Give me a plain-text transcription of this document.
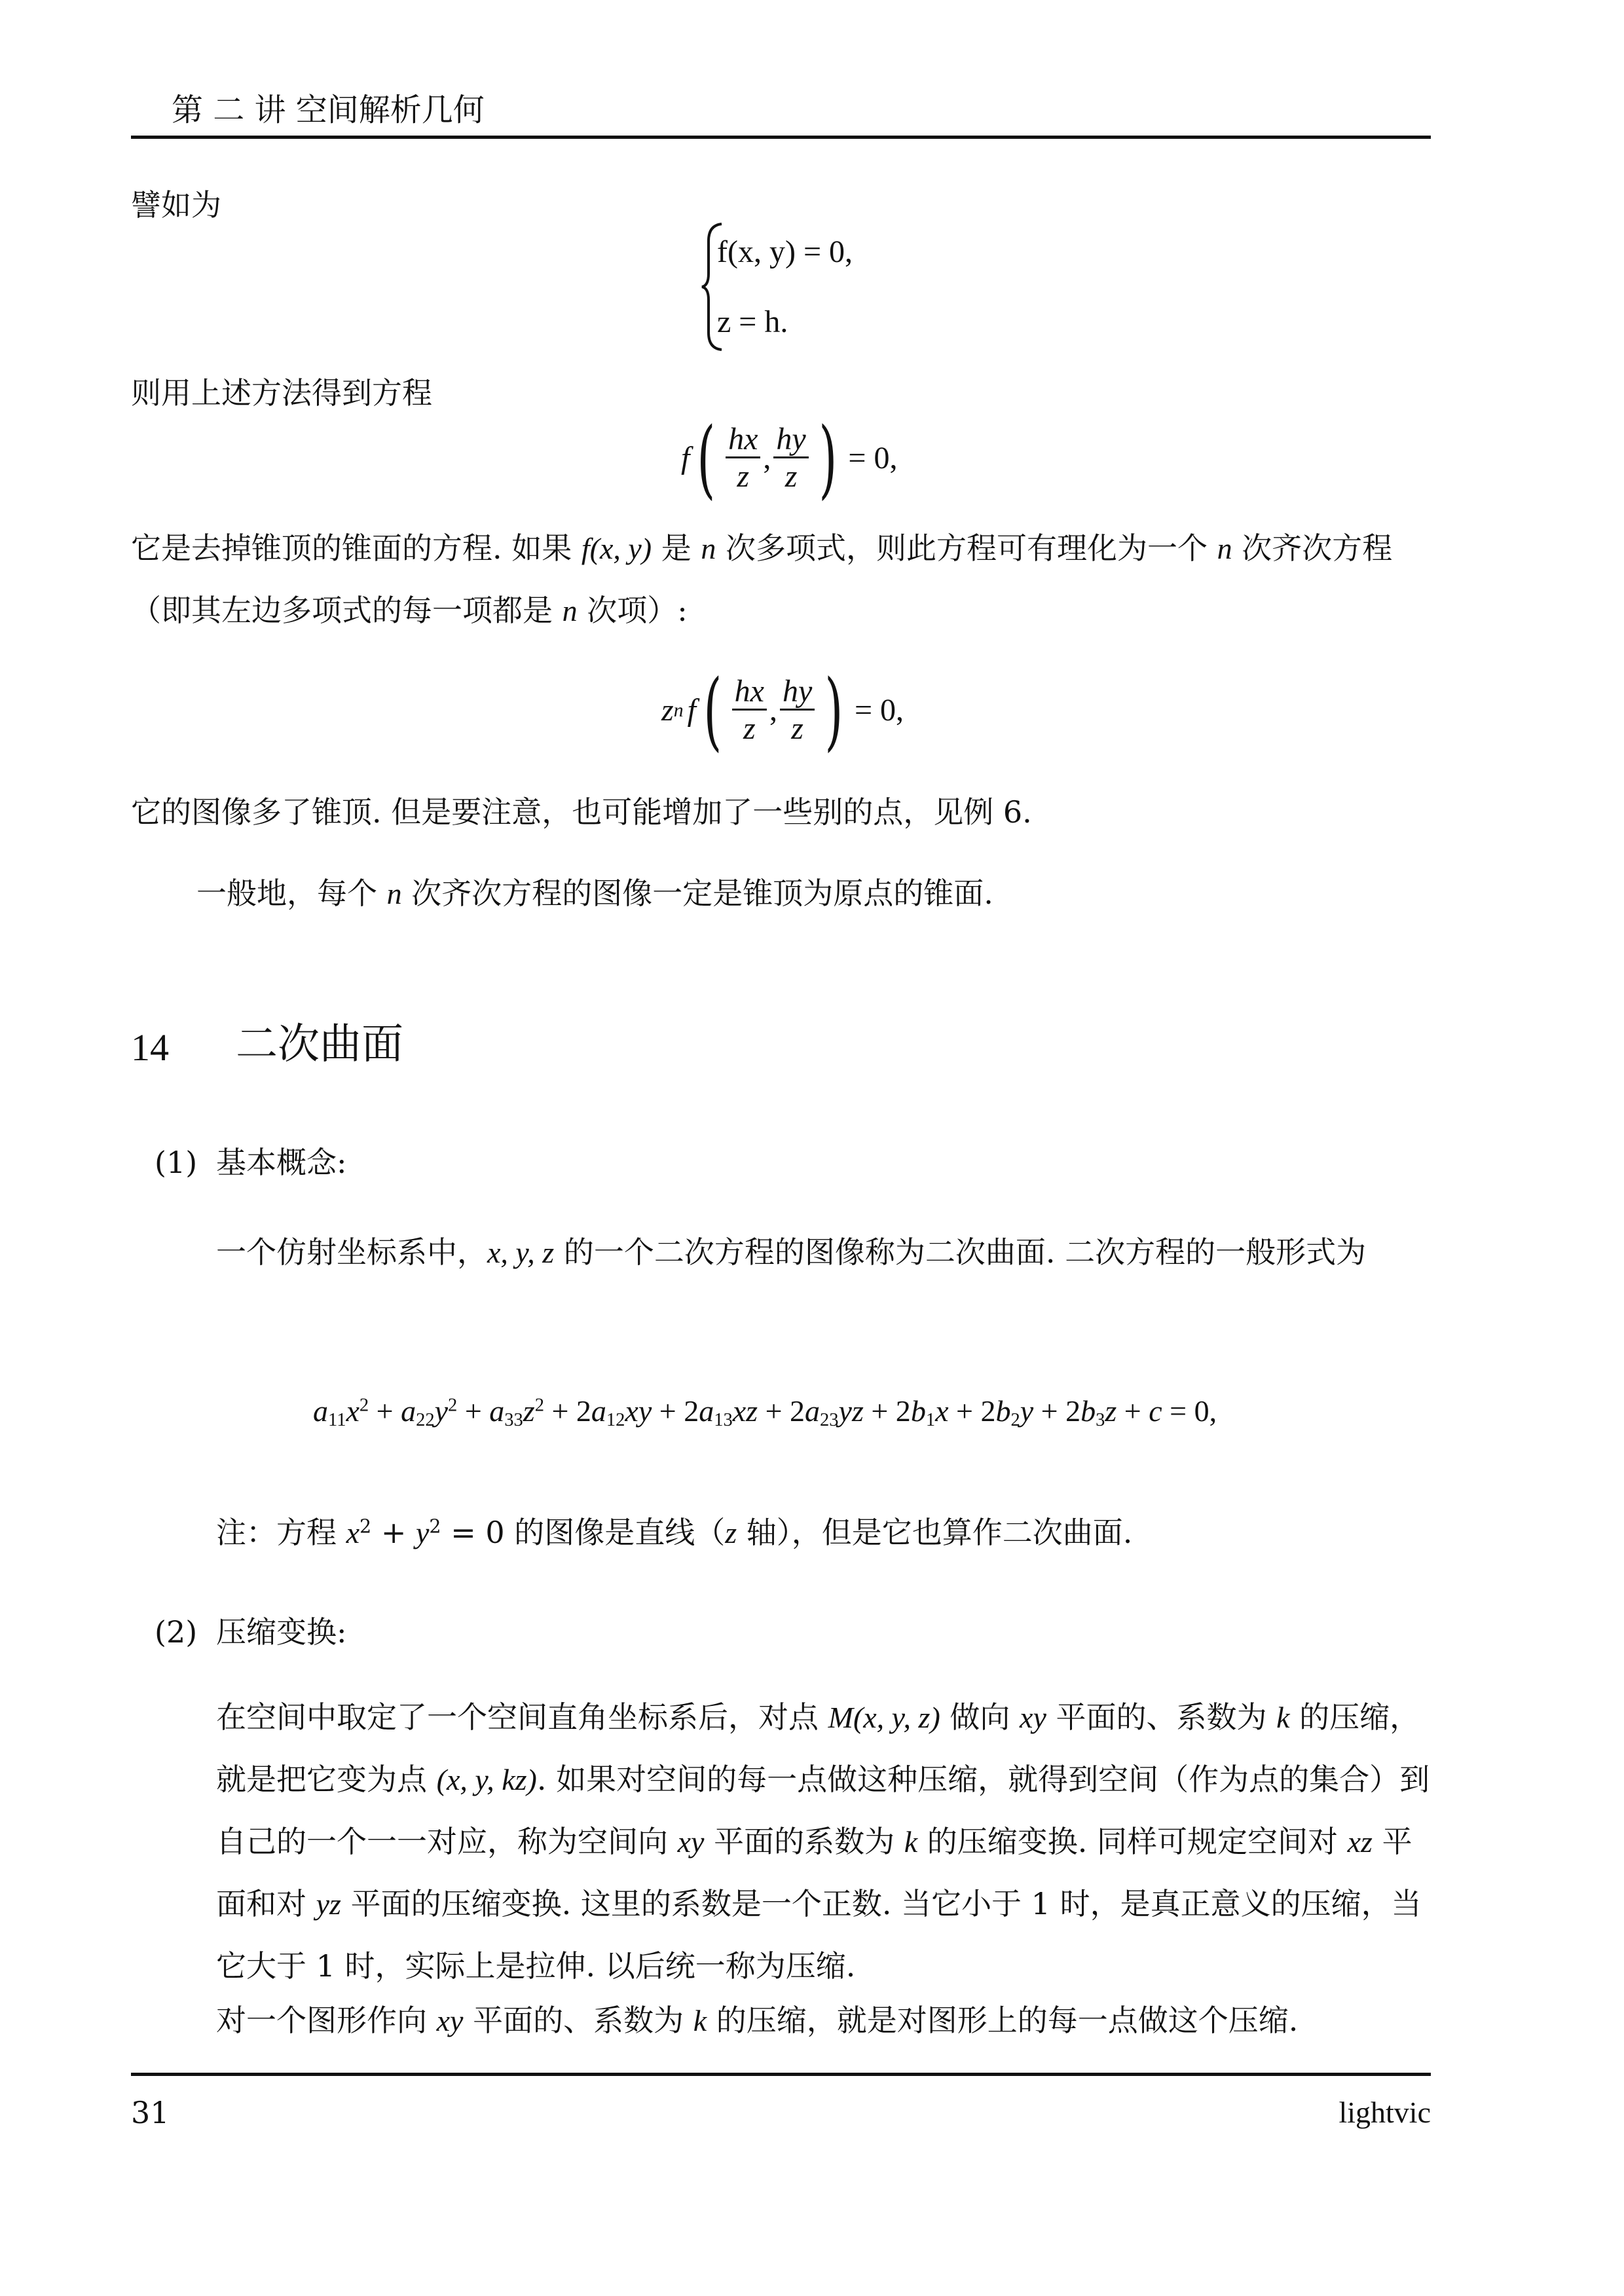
第 二 讲 空间解析几何
譬如为
f(x, y) = 0,
z = h.
则用上述方法得到方程
f ( $\frac{hx}{z}$ , $\frac{hy}{z}$ ) = 0,
它是去掉锥顶的锥面的方程. 如果 f(x, y) 是 n 次多项式，则此方程可有理化为一个 n 次齐次方程（即其左边多项式的每一项都是 n 次项）:
z n f ( $\frac{hx}{z}$ , $\frac{hy}{z}$ ) = 0,
它的图像多了锥顶. 但是要注意，也可能增加了一些别的点，见例 6.
一般地，每个 n 次齐次方程的图像一定是锥顶为原点的锥面.
14 二次曲面
(1) 基本概念:
一个仿射坐标系中，x, y, z 的一个二次方程的图像称为二次曲面. 二次方程的一般形式为
$a_{11}x^2 + a_{22}y^2 + a_{33}z^2 + 2a_{12}xy + 2a_{13}xz + 2a_{23}yz + 2b_1x + 2b_2y + 2b_3z + c = 0$,
注：方程 $x^2 + y^2 = 0$ 的图像是直线（z 轴），但是它也算作二次曲面.
(2) 压缩变换:
在空间中取定了一个空间直角坐标系后，对点 M(x, y, z) 做向 xy 平面的、系数为 k 的压缩，就是把它变为点 (x, y, kz). 如果对空间的每一点做这种压缩，就得到空间（作为点的集合）到自己的一个一一对应，称为空间向 xy 平面的系数为 k 的压缩变换. 同样可规定空间对 xz 平面和对 yz 平面的压缩变换. 这里的系数是一个正数. 当它小于 1 时，是真正意义的压缩，当它大于 1 时，实际上是拉伸. 以后统一称为压缩.
对一个图形作向 xy 平面的、系数为 k 的压缩，就是对图形上的每一点做这个压缩.
31	lightvic
